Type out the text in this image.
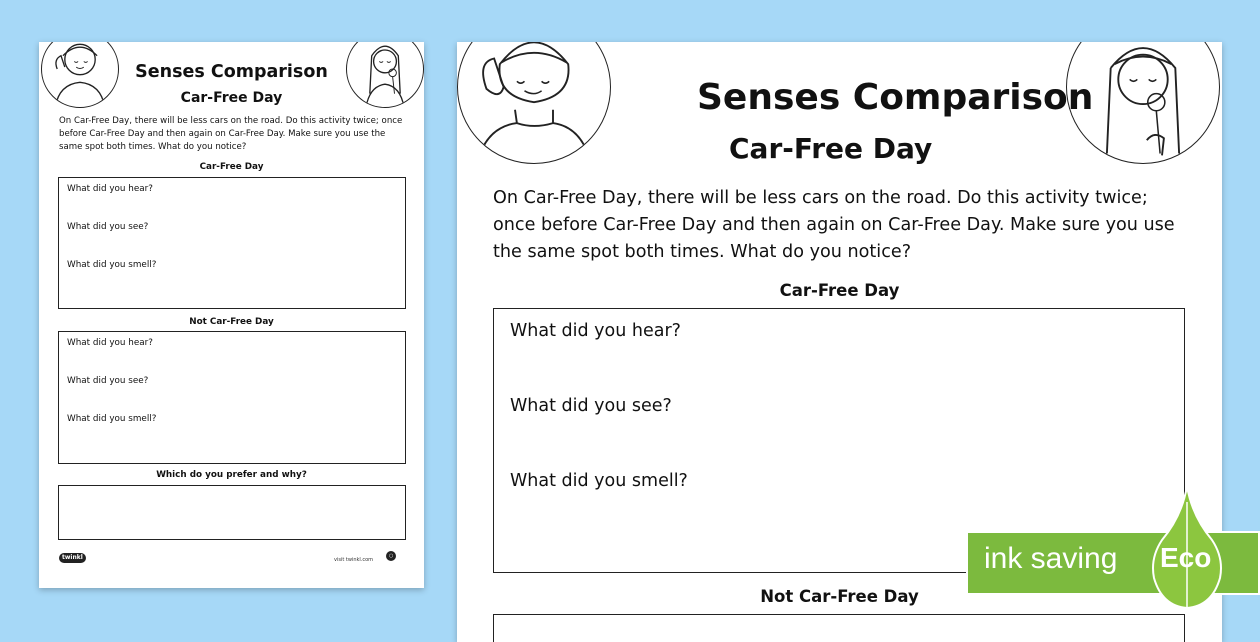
Senses Comparison
Car-Free Day
On Car-Free Day, there will be less cars on the road. Do this activity twice; once before Car-Free Day and then again on Car-Free Day. Make sure you use the same spot both times. What do you notice?
Car-Free Day
What did you hear?
What did you see?
What did you smell?
Not Car-Free Day
What did you hear?
What did you see?
What did you smell?
Which do you prefer and why?
twinkl	visit twinkl.com
○
Senses Comparison
Car-Free Day
On Car-Free Day, there will be less cars on the road. Do this activity twice; once before Car-Free Day and then again on Car-Free Day. Make sure you use the same spot both times. What do you notice?
Car-Free Day
What did you hear?
What did you see?
What did you smell?
Not Car-Free Day
ink saving Eco
